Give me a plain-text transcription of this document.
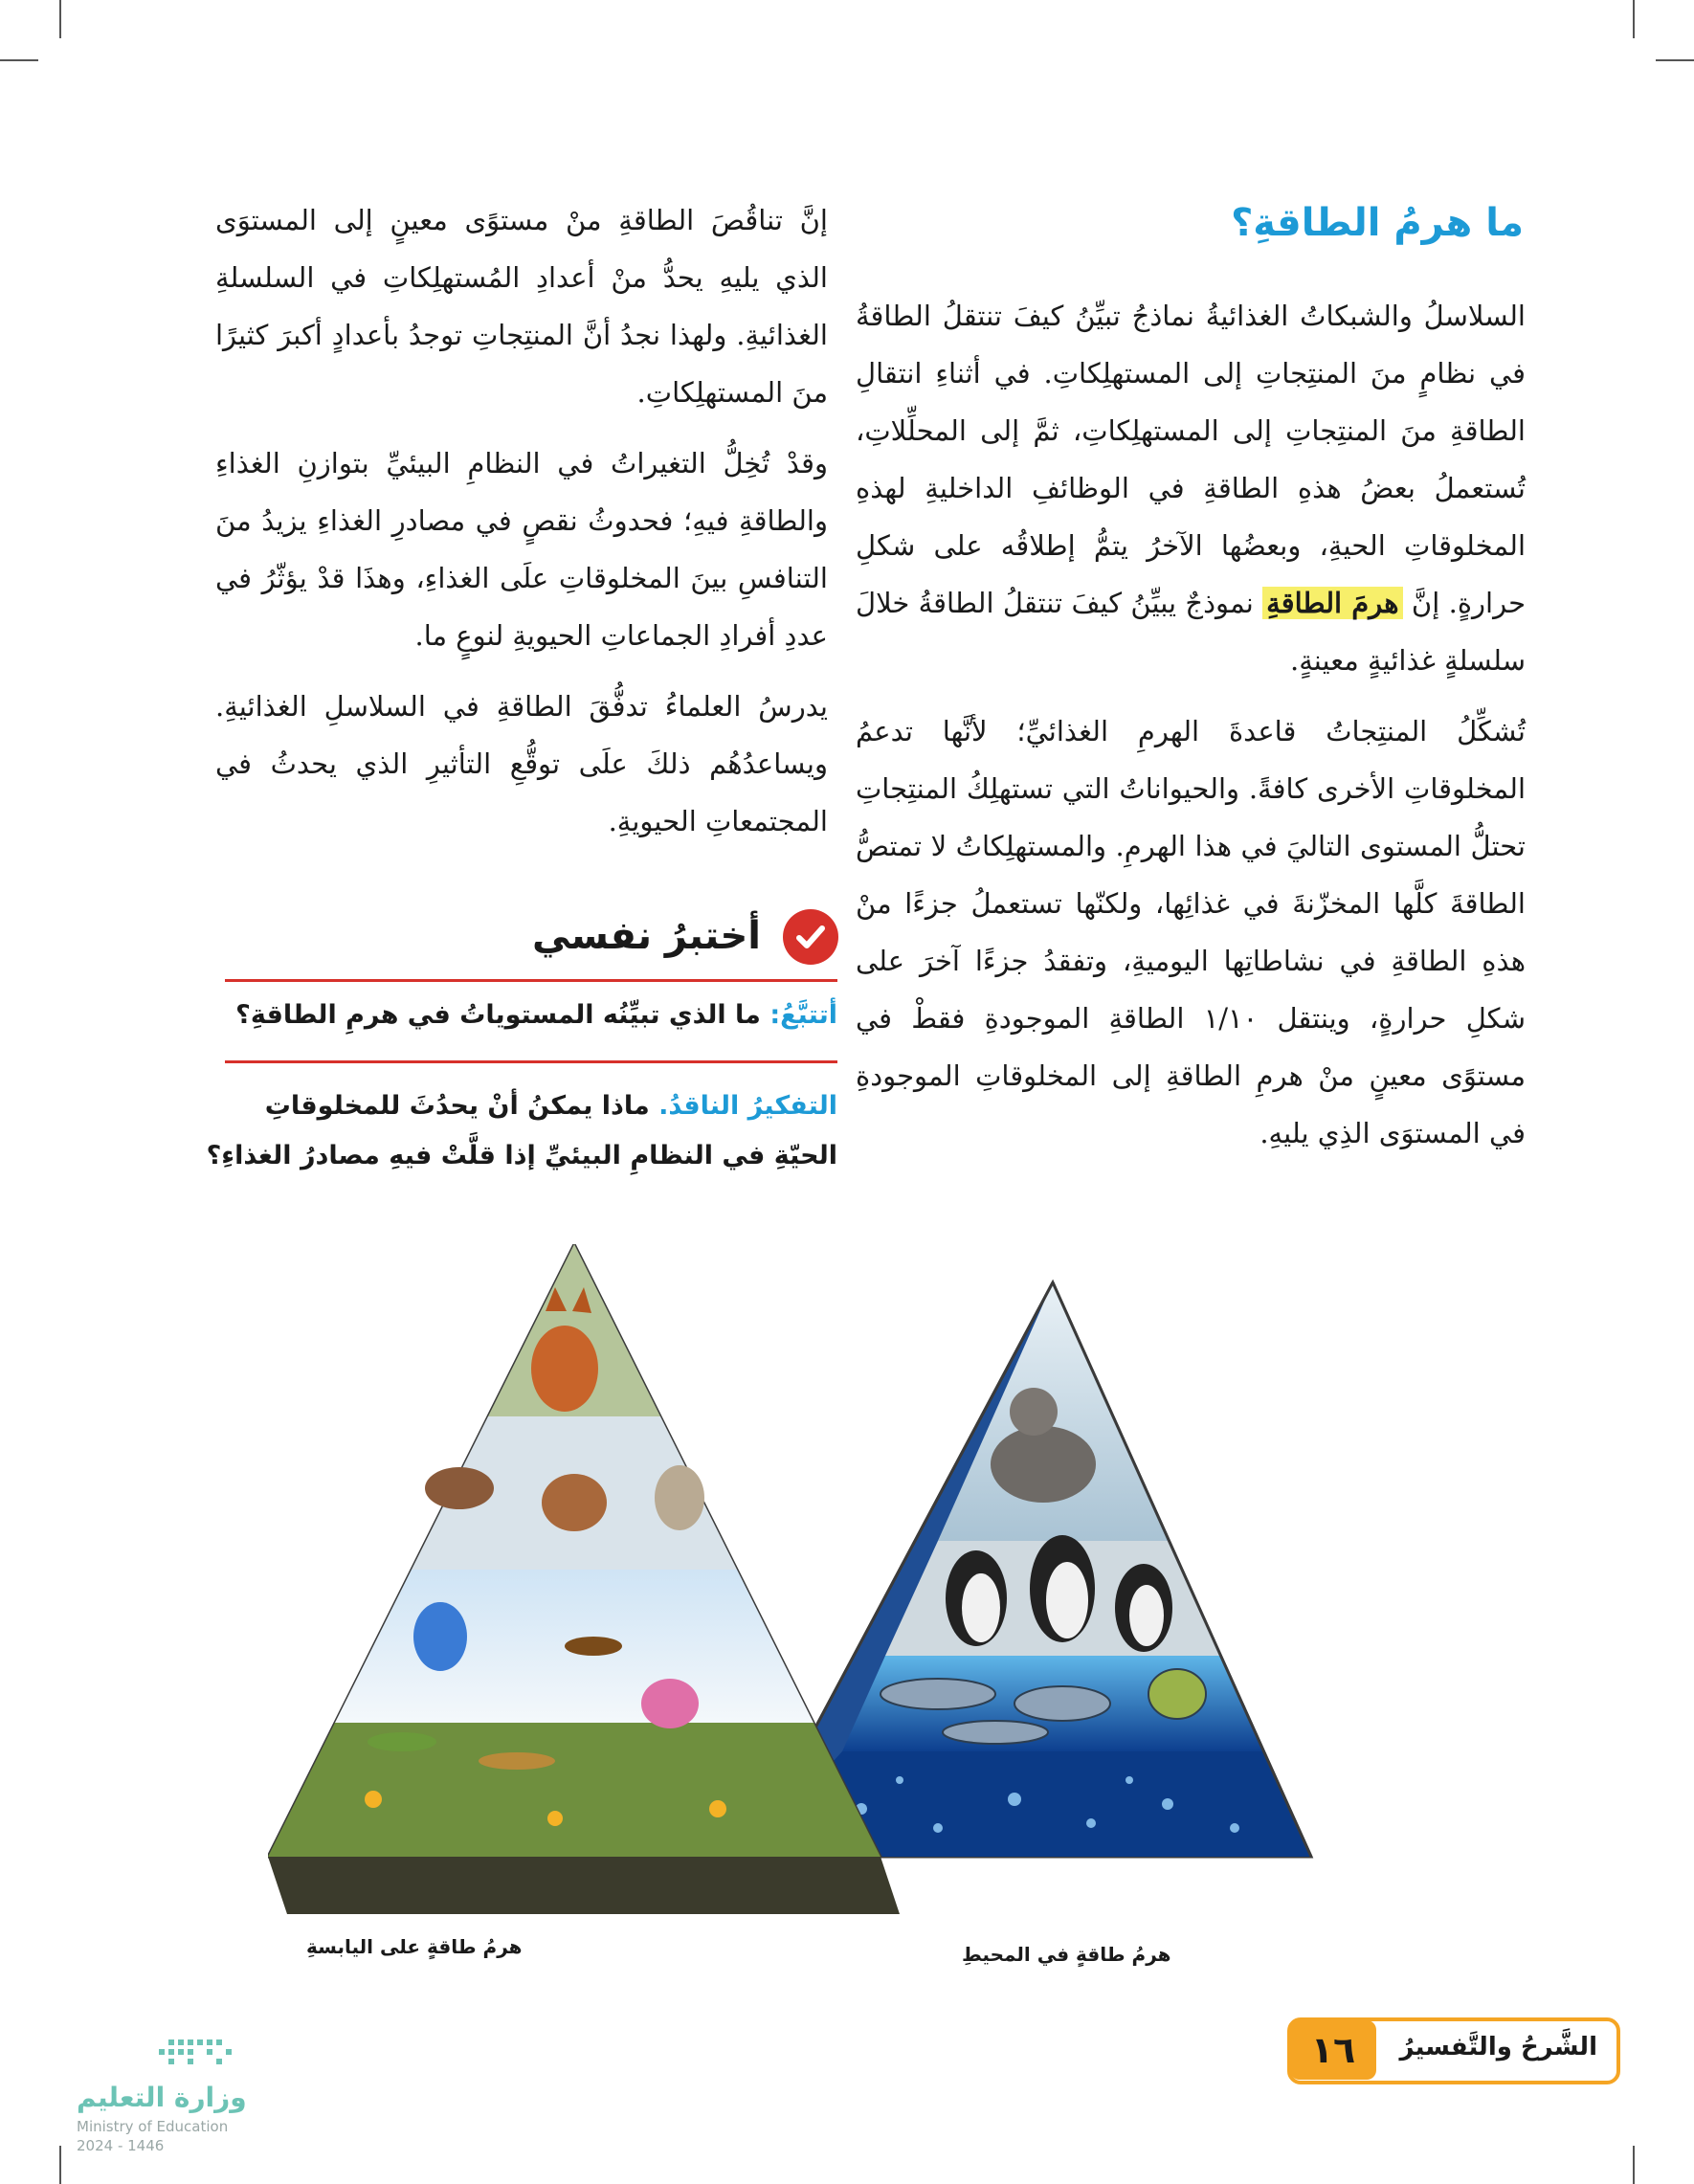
ما هرمُ الطاقةِ؟

السلاسلُ والشبكاتُ الغذائيةُ نماذجُ تبيِّنُ كيفَ تنتقلُ الطاقةُ في نظامٍ منَ المنتِجاتِ إلى المستهلِكاتِ. في أثناءِ انتقالِ الطاقةِ منَ المنتِجاتِ إلى المستهلِكاتِ، ثمَّ إلى المحلِّلاتِ، تُستعملُ بعضُ هذهِ الطاقةِ في الوظائفِ الداخليةِ لهذهِ المخلوقاتِ الحيةِ، وبعضُها الآخرُ يتمُّ إطلاقُه على شكلِ حرارةٍ. إنَّ هرمَ الطاقةِ نموذجٌ يبيِّنُ كيفَ تنتقلُ الطاقةُ خلالَ سلسلةٍ غذائيةٍ معينةٍ.

تُشكِّلُ المنتِجاتُ قاعدةَ الهرمِ الغذائيِّ؛ لأنَّها تدعمُ المخلوقاتِ الأخرى كافةً. والحيواناتُ التي تستهلِكُ المنتِجاتِ تحتلُّ المستوى التاليَ في هذا الهرمِ. والمستهلِكاتُ لا تمتصُّ الطاقةَ كلَّها المخزّنةَ في غذائِها، ولكنّها تستعملُ جزءًا منْ هذهِ الطاقةِ في نشاطاتِها اليوميةِ، وتفقدُ جزءًا آخرَ على شكلِ حرارةٍ، وينتقل ١/١٠ الطاقةِ الموجودةِ فقطْ في مستوًى معينٍ منْ هرمِ الطاقةِ إلى المخلوقاتِ الموجودةِ في المستوَى الذِي يليهِ.

إنَّ تناقُصَ الطاقةِ منْ مستوًى معينٍ إلى المستوَى الذي يليهِ يحدُّ منْ أعدادِ المُستهلِكاتِ في السلسلةِ الغذائيةِ. ولهذا نجدُ أنَّ المنتِجاتِ توجدُ بأعدادٍ أكبرَ كثيرًا منَ المستهلِكاتِ.

وقدْ تُخِلُّ التغيراتُ في النظامِ البيئيِّ بتوازنِ الغذاءِ والطاقةِ فيهِ؛ فحدوثُ نقصٍ في مصادرِ الغذاءِ يزيدُ منَ التنافسِ بينَ المخلوقاتِ علَى الغذاءِ، وهذَا قدْ يؤثّرُ في عددِ أفرادِ الجماعاتِ الحيويةِ لنوعٍ ما.

يدرسُ العلماءُ تدفُّقَ الطاقةِ في السلاسلِ الغذائيةِ. ويساعدُهُم ذلكَ علَى توقُّعِ التأثيرِ الذي يحدثُ في المجتمعاتِ الحيويةِ.

أختبرُ نفسي
أتتبَّعُ: ما الذي تبيِّنُه المستوياتُ في هرمِ الطاقةِ؟
التفكيرُ الناقدُ. ماذا يمكنُ أنْ يحدُثَ للمخلوقاتِ
الحيّةِ في النظامِ البيئيِّ إذا قلَّتْ فيهِ مصادرُ الغذاءِ؟
هرمُ طاقةٍ على اليابسةِ	هرمُ طاقةٍ في المحيطِ
الشَّرحُ والتَّفسيرُ
١٦
وزارة التعليم
Ministry of Education
2024 - 1446
